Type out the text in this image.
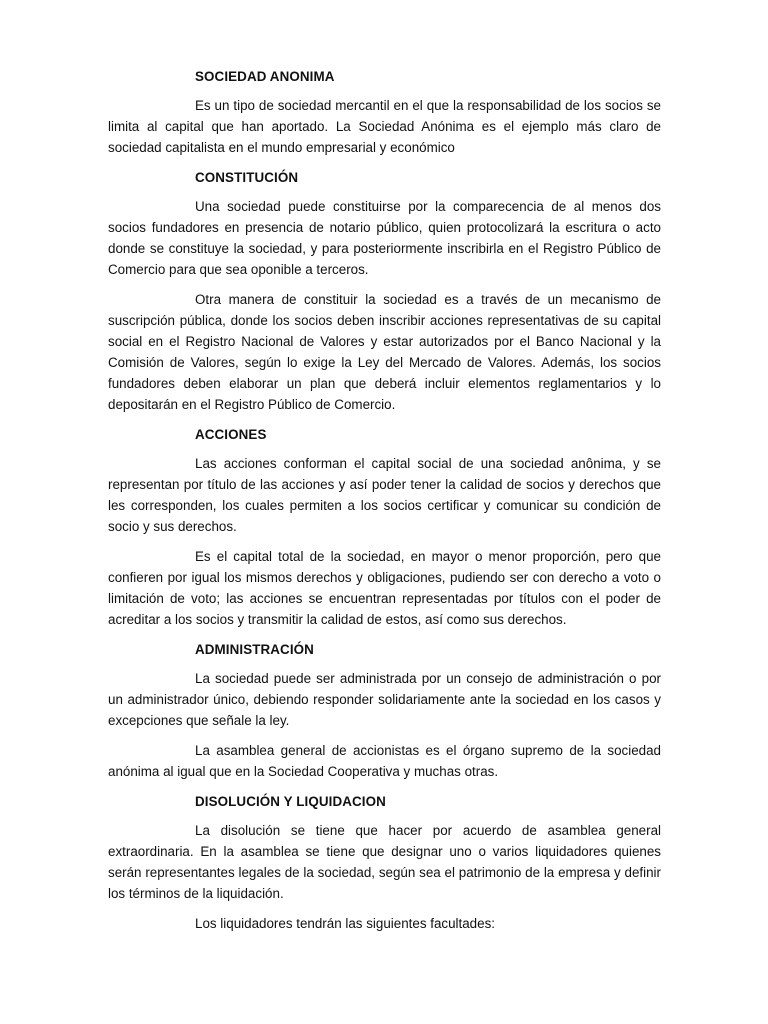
SOCIEDAD ANONIMA

Es un tipo de sociedad mercantil en el que la responsabilidad de los socios se limita al capital que han aportado. La Sociedad Anónima es el ejemplo más claro de sociedad capitalista en el mundo empresarial y económico

CONSTITUCIÓN

Una sociedad puede constituirse por la comparecencia de al menos dos socios fundadores en presencia de notario público, quien protocolizará la escritura o acto donde se constituye la sociedad, y para posteriormente inscribirla en el Registro Público de Comercio para que sea oponible a terceros.

Otra manera de constituir la sociedad es a través de un mecanismo de suscripción pública, donde los socios deben inscribir acciones representativas de su capital social en el Registro Nacional de Valores y estar autorizados por el Banco Nacional y la Comisión de Valores, según lo exige la Ley del Mercado de Valores. Además, los socios fundadores deben elaborar un plan que deberá incluir elementos reglamentarios y lo depositarán en el Registro Público de Comercio.

ACCIONES

Las acciones conforman el capital social de una sociedad anônima, y se representan por título de las acciones y así poder tener la calidad de socios y derechos que les corresponden, los cuales permiten a los socios certificar y comunicar su condición de socio y sus derechos.

Es el capital total de la sociedad, en mayor o menor proporción, pero que confieren por igual los mismos derechos y obligaciones, pudiendo ser con derecho a voto o limitación de voto; las acciones se encuentran representadas por títulos con el poder de acreditar a los socios y transmitir la calidad de estos, así como sus derechos.

ADMINISTRACIÓN

La sociedad puede ser administrada por un consejo de administración o por un administrador único, debiendo responder solidariamente ante la sociedad en los casos y excepciones que señale la ley.

La asamblea general de accionistas es el órgano supremo de la sociedad anónima al igual que en la Sociedad Cooperativa y muchas otras.

DISOLUCIÓN Y LIQUIDACION

La disolución se tiene que hacer por acuerdo de asamblea general extraordinaria. En la asamblea se tiene que designar uno o varios liquidadores quienes serán representantes legales de la sociedad, según sea el patrimonio de la empresa y definir los términos de la liquidación.

Los liquidadores tendrán las siguientes facultades:
